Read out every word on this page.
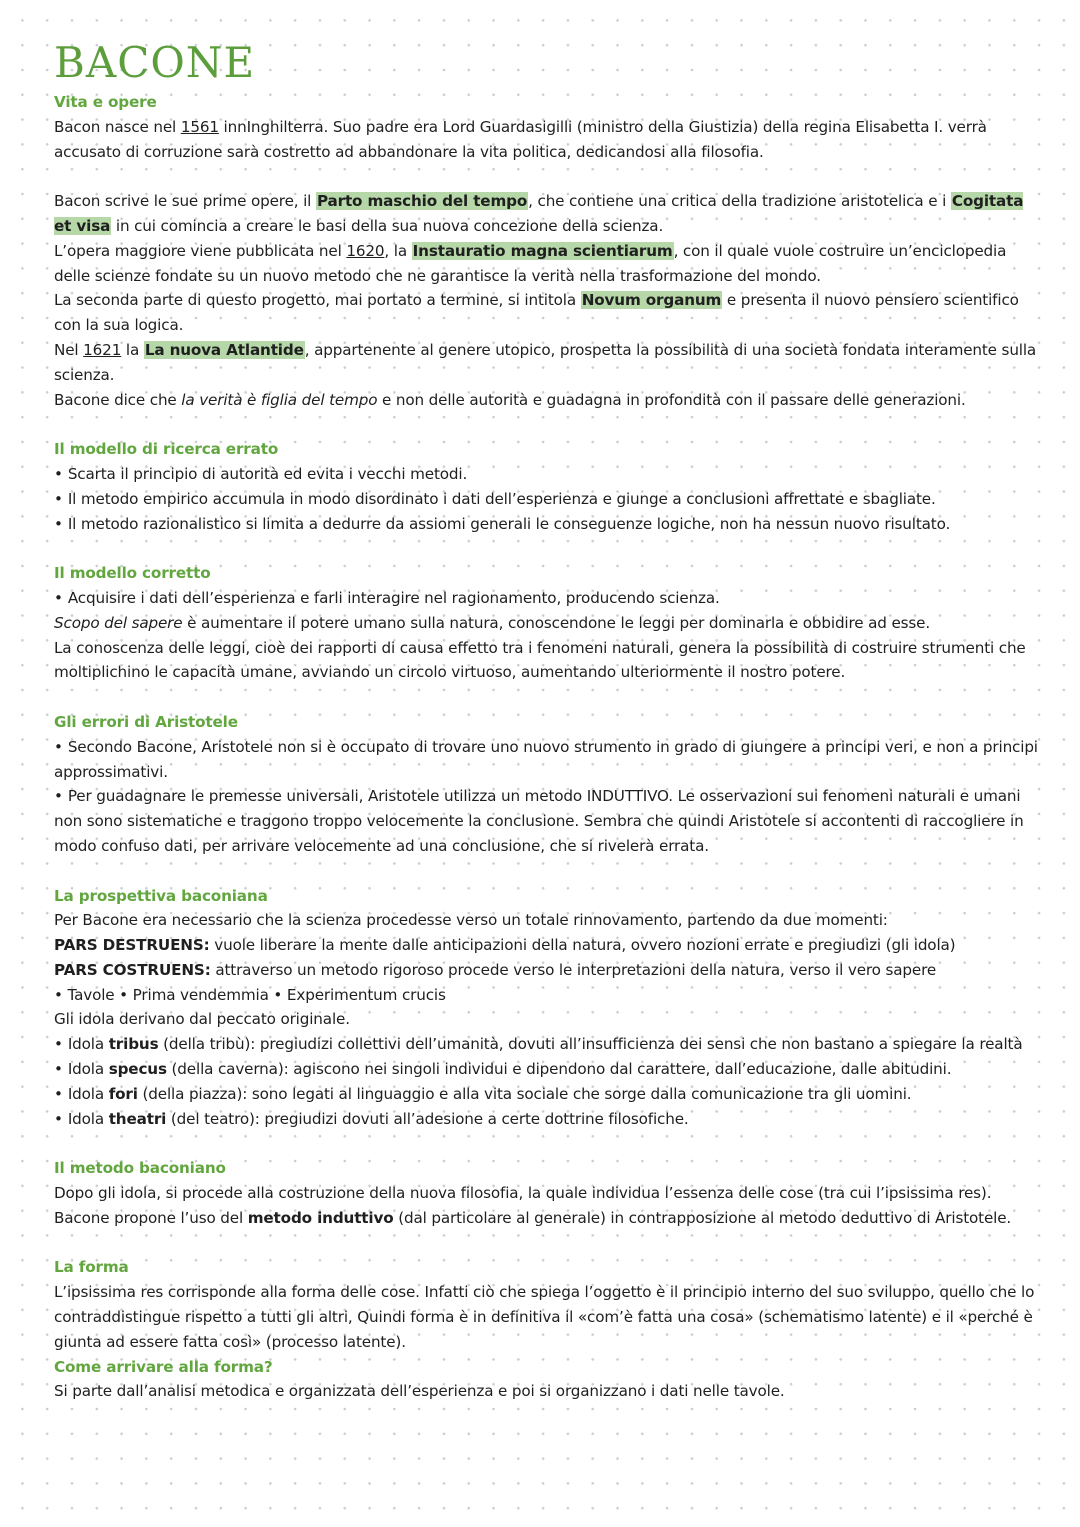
BACONE

Vita e opere

Bacon nasce nel 1561 innInghilterra. Suo padre era Lord Guardasigilli (ministro della Giustizia) della regina Elisabetta I. verrà accusato di corruzione sarà costretto ad abbandonare la vita politica, dedicandosi alla filosofia.

Bacon scrive le sue prime opere, il Parto maschio del tempo, che contiene una critica della tradizione aristotelica e i Cogitata et visa in cui comincia a creare le basi della sua nuova concezione della scienza.

L’opera maggiore viene pubblicata nel 1620, la Instauratio magna scientiarum, con il quale vuole costruire un’enciclopedia delle scienze fondate su un nuovo metodo che ne garantisce la verità nella trasformazione del mondo.

La seconda parte di questo progetto, mai portato a termine, si intitola Novum organum e presenta il nuovo pensiero scientifico con la sua logica.

Nel 1621 la La nuova Atlantide, appartenente al genere utopico, prospetta la possibilità di una società fondata interamente sulla scienza.

Bacone dice che la verità è figlia del tempo e non delle autorità e guadagna in profondità con il passare delle generazioni.

Il modello di ricerca errato

• Scarta il principio di autorità ed evita i vecchi metodi.

• Il metodo empirico accumula in modo disordinato i dati dell’esperienza e giunge a conclusioni affrettate e sbagliate.

• Il metodo razionalistico si limita a dedurre da assiomi generali le conseguenze logiche, non ha nessun nuovo risultato.

Il modello corretto

• Acquisire i dati dell’esperienza e farli interagire nel ragionamento, producendo scienza.

Scopo del sapere è aumentare il potere umano sulla natura, conoscendone le leggi per dominarla e obbidire ad esse.

La conoscenza delle leggi, cioè dei rapporti di causa effetto tra i fenomeni naturali, genera la possibilità di costruire strumenti che moltiplichino le capacità umane, avviando un circolo virtuoso, aumentando ulteriormente il nostro potere.

Gli errori di Aristotele

• Secondo Bacone, Aristotele non si è occupato di trovare uno nuovo strumento in grado di giungere a principi veri, e non a principi approssimativi.

• Per guadagnare le premesse universali, Aristotele utilizza un metodo INDUTTIVO. Le osservazioni sui fenomeni naturali e umani non sono sistematiche e traggono troppo velocemente la conclusione. Sembra che quindi Aristotele si accontenti di raccogliere in modo confuso dati, per arrivare velocemente ad una conclusione, che si rivelerà errata.

La prospettiva baconiana

Per Bacone era necessario che la scienza procedesse verso un totale rinnovamento, partendo da due momenti:

PARS DESTRUENS: vuole liberare la mente dalle anticipazioni della natura, ovvero nozioni errate e pregiudizi (gli idola)

PARS COSTRUENS: attraverso un metodo rigoroso procede verso le interpretazioni della natura, verso il vero sapere

• Tavole • Prima vendemmia • Experimentum crucis

Gli idola derivano dal peccato originale.

• Idola tribus (della tribù): pregiudizi collettivi dell’umanità, dovuti all’insufficienza dei sensi che non bastano a spiegare la realtà

• Idola specus (della caverna): agiscono nei singoli individui e dipendono dal carattere, dall’educazione, dalle abitudini.

• Idola fori (della piazza): sono legati al linguaggio e alla vita sociale che sorge dalla comunicazione tra gli uomini.

• Idola theatri (del teatro): pregiudizi dovuti all’adesione a certe dottrine filosofiche.

Il metodo baconiano

Dopo gli idola, si procede alla costruzione della nuova filosofia, la quale individua l’essenza delle cose (tra cui l’ipsissima res). Bacone propone l’uso del metodo induttivo (dal particolare al generale) in contrapposizione al metodo deduttivo di Aristotele.

La forma

L’ipsissima res corrisponde alla forma delle cose. Infatti ciò che spiega l’oggetto è il principio interno del suo sviluppo, quello che lo contraddistingue rispetto a tutti gli altri, Quindi forma è in definitiva il «com’è fatta una cosa» (schematismo latente) e il «perché è giunta ad essere fatta così» (processo latente).

Come arrivare alla forma?

Si parte dall’analisi metodica e organizzata dell’esperienza e poi si organizzano i dati nelle tavole.
